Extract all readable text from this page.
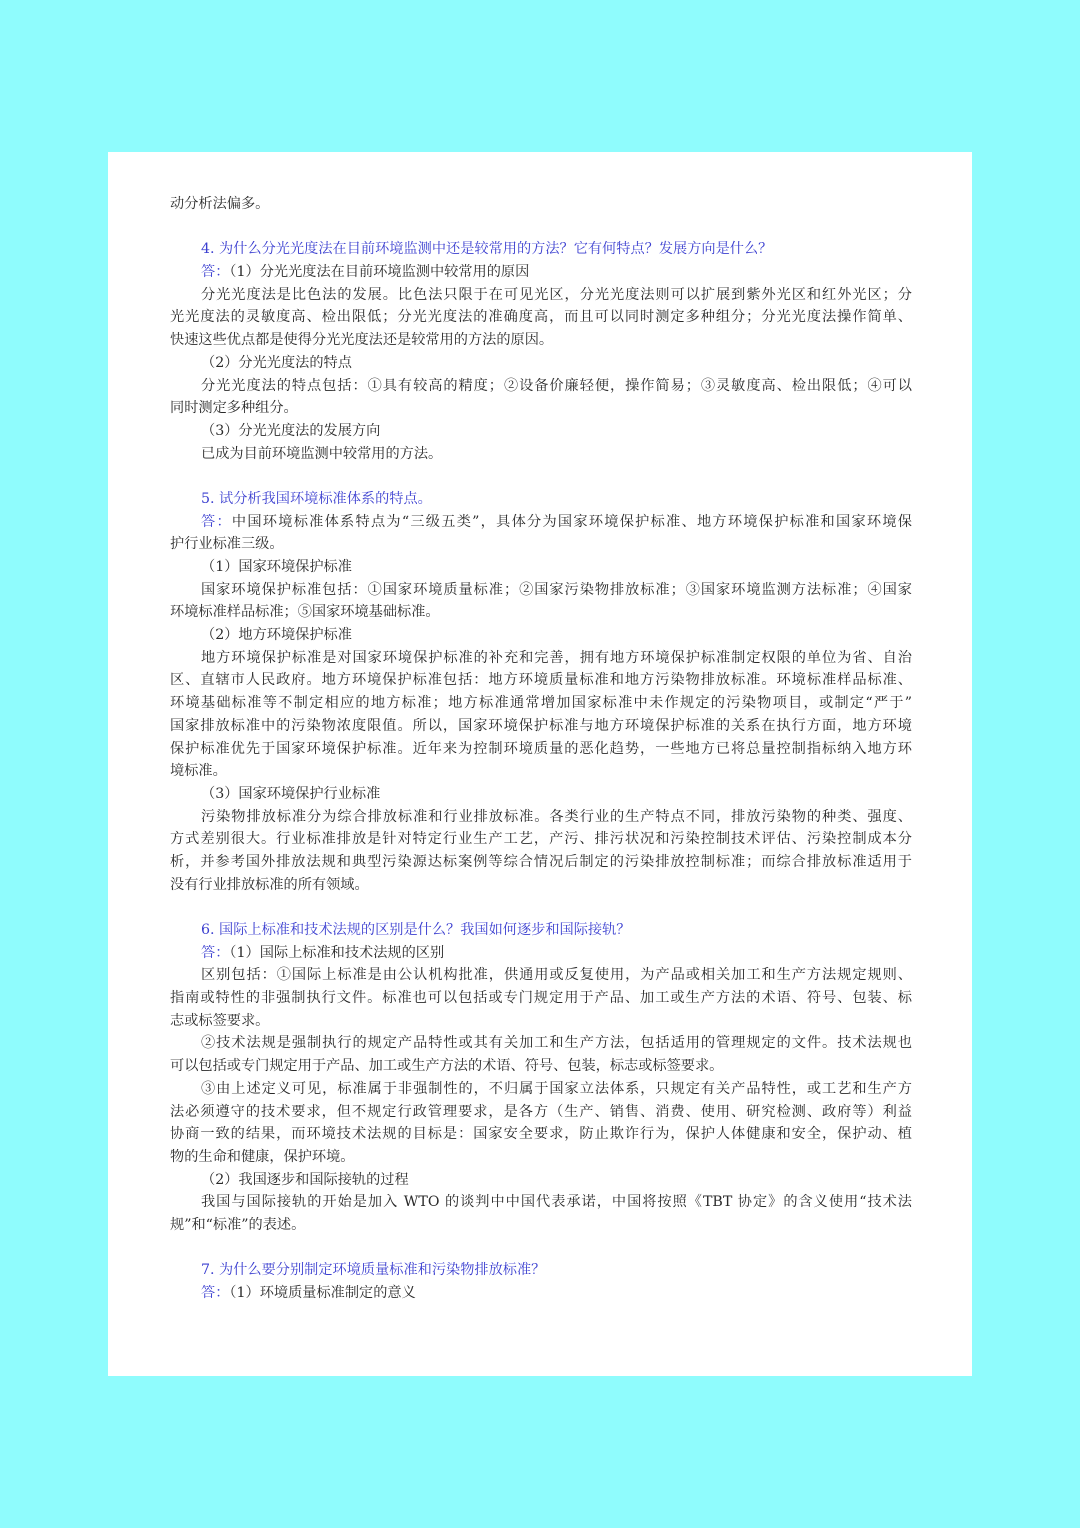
动分析法偏多。
4. 为什么分光光度法在目前环境监测中还是较常用的方法？它有何特点？发展方向是什么？
答：（1）分光光度法在目前环境监测中较常用的原因
分光光度法是比色法的发展。比色法只限于在可见光区，分光光度法则可以扩展到紫外光区和红外光区；分
光光度法的灵敏度高、检出限低；分光光度法的准确度高，而且可以同时测定多种组分；分光光度法操作简单、
快速这些优点都是使得分光光度法还是较常用的方法的原因。
（2）分光光度法的特点
分光光度法的特点包括：①具有较高的精度；②设备价廉轻便，操作简易；③灵敏度高、检出限低；④可以
同时测定多种组分。
（3）分光光度法的发展方向
已成为目前环境监测中较常用的方法。
5. 试分析我国环境标准体系的特点。
答：中国环境标准体系特点为“三级五类”，具体分为国家环境保护标准、地方环境保护标准和国家环境保
护行业标准三级。
（1）国家环境保护标准
国家环境保护标准包括：①国家环境质量标准；②国家污染物排放标准；③国家环境监测方法标准；④国家
环境标准样品标准；⑤国家环境基础标准。
（2）地方环境保护标准
地方环境保护标准是对国家环境保护标准的补充和完善，拥有地方环境保护标准制定权限的单位为省、自治
区、直辖市人民政府。地方环境保护标准包括：地方环境质量标准和地方污染物排放标准。环境标准样品标准、
环境基础标准等不制定相应的地方标准；地方标准通常增加国家标准中未作规定的污染物项目，或制定“严于”
国家排放标准中的污染物浓度限值。所以，国家环境保护标准与地方环境保护标准的关系在执行方面，地方环境
保护标准优先于国家环境保护标准。近年来为控制环境质量的恶化趋势，一些地方已将总量控制指标纳入地方环
境标准。
（3）国家环境保护行业标准
污染物排放标准分为综合排放标准和行业排放标准。各类行业的生产特点不同，排放污染物的种类、强度、
方式差别很大。行业标准排放是针对特定行业生产工艺，产污、排污状况和污染控制技术评估、污染控制成本分
析，并参考国外排放法规和典型污染源达标案例等综合情况后制定的污染排放控制标准；而综合排放标准适用于
没有行业排放标准的所有领域。
6. 国际上标准和技术法规的区别是什么？我国如何逐步和国际接轨？
答：（1）国际上标准和技术法规的区别
区别包括：①国际上标准是由公认机构批准，供通用或反复使用，为产品或相关加工和生产方法规定规则、
指南或特性的非强制执行文件。标准也可以包括或专门规定用于产品、加工或生产方法的术语、符号、包装、标
志或标签要求。
②技术法规是强制执行的规定产品特性或其有关加工和生产方法，包括适用的管理规定的文件。技术法规也
可以包括或专门规定用于产品、加工或生产方法的术语、符号、包装，标志或标签要求。
③由上述定义可见，标准属于非强制性的，不归属于国家立法体系，只规定有关产品特性，或工艺和生产方
法必须遵守的技术要求，但不规定行政管理要求，是各方（生产、销售、消费、使用、研究检测、政府等）利益
协商一致的结果，而环境技术法规的目标是：国家安全要求，防止欺诈行为，保护人体健康和安全，保护动、植
物的生命和健康，保护环境。
（2）我国逐步和国际接轨的过程
我国与国际接轨的开始是加入 WTO 的谈判中中国代表承诺，中国将按照《TBT 协定》的含义使用“技术法
规”和“标准”的表述。
7. 为什么要分别制定环境质量标准和污染物排放标准？
答：（1）环境质量标准制定的意义
